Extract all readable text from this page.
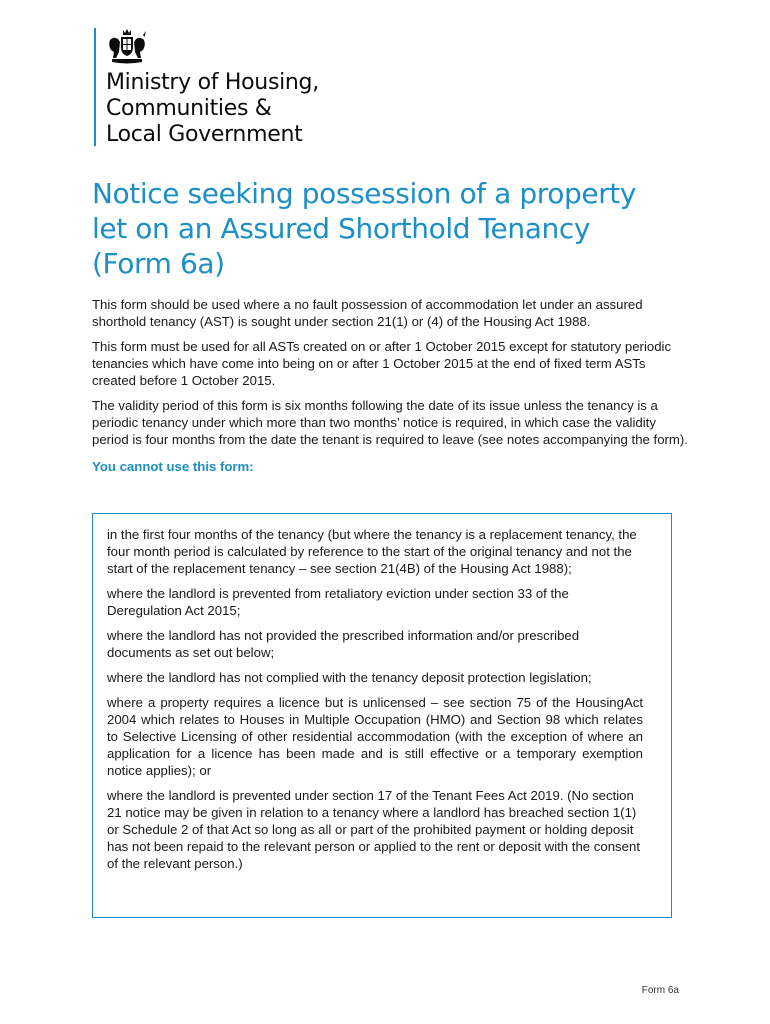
Ministry of Housing,
Communities &
Local Government
Notice seeking possession of a property
let on an Assured Shorthold Tenancy
(Form 6a)

This form should be used where a no fault possession of accommodation let under an assured shorthold tenancy (AST) is sought under section 21(1) or (4) of the Housing Act 1988.

This form must be used for all ASTs created on or after 1 October 2015 except for statutory periodic tenancies which have come into being on or after 1 October 2015 at the end of fixed term ASTs created before 1 October 2015.

The validity period of this form is six months following the date of its issue unless the tenancy is a periodic tenancy under which more than two months’ notice is required, in which case the validity period is four months from the date the tenant is required to leave (see notes accompanying the form).

You cannot use this form:

in the first four months of the tenancy (but where the tenancy is a replacement tenancy, the four month period is calculated by reference to the start of the original tenancy and not the start of the replacement tenancy – see section 21(4B) of the Housing Act 1988);

where the landlord is prevented from retaliatory eviction under section 33 of the Deregulation Act 2015;

where the landlord has not provided the prescribed information and/or prescribed documents as set out below;

where the landlord has not complied with the tenancy deposit protection legislation;

where a property requires a licence but is unlicensed – see section 75 of the HousingAct 2004 which relates to Houses in Multiple Occupation (HMO) and Section 98 which relates to Selective Licensing of other residential accommodation (with the exception of where an application for a licence has been made and is still effective or a temporary exemption notice applies); or

where the landlord is prevented under section 17 of the Tenant Fees Act 2019. (No section 21 notice may be given in relation to a tenancy where a landlord has breached section 1(1) or Schedule 2 of that Act so long as all or part of the prohibited payment or holding deposit has not been repaid to the relevant person or applied to the rent or deposit with the consent of the relevant person.)

Form 6a
